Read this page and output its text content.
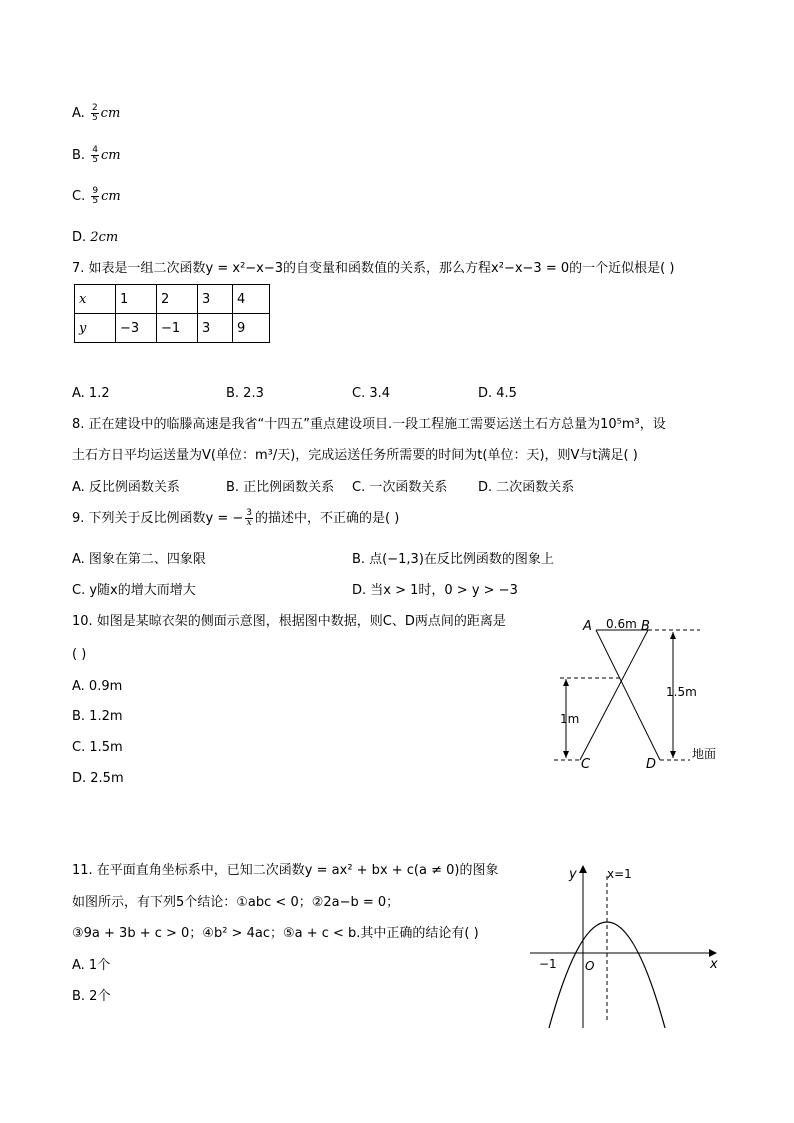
A. $\frac{2}{5}$ cm
B. $\frac{4}{5}$ cm
C. $\frac{9}{5}$ cm
D. 2cm
7. 如表是一组二次函数y = x²−x−3的自变量和函数值的关系，那么方程x²−x−3 = 0的一个近似根是( )
x	1	2	3	4
y	−3	−1	3	9
A. 1.2	B. 2.3	C. 3.4	D. 4.5
8. 正在建设中的临滕高速是我省“十四五”重点建设项目.一段工程施工需要运送土石方总量为10⁵m³，设
土石方日平均运送量为V(单位：m³/天)，完成运送任务所需要的时间为t(单位：天)，则V与t满足( )
A. 反比例函数关系	B. 正比例函数关系 C. 一次函数关系 D. 二次函数关系
9. 下列关于反比例函数y = − $\frac{3}{x}$ 的描述中，不正确的是( )
A. 图象在第二、四象限	B. 点(−1,3)在反比例函数的图象上
C. y随x的增大而增大	D. 当x > 1时，0 > y > −3
10. 如图是某晾衣架的侧面示意图，根据图中数据，则C、D两点间的距离是
( )
A. 0.9m
B. 1.2m
C. 1.5m
D. 2.5m
A	B
0.6m
1.5m
1m
C	D
地面
11. 在平面直角坐标系中，已知二次函数y = ax² + bx + c(a ≠ 0)的图象
如图所示，有下列5个结论：①abc < 0；②2a−b = 0；
③9a + 3b + c > 0；④b² > 4ac；⑤a + c < b.其中正确的结论有( )
A. 1个
B. 2个
y
x
x=1
O
−1
